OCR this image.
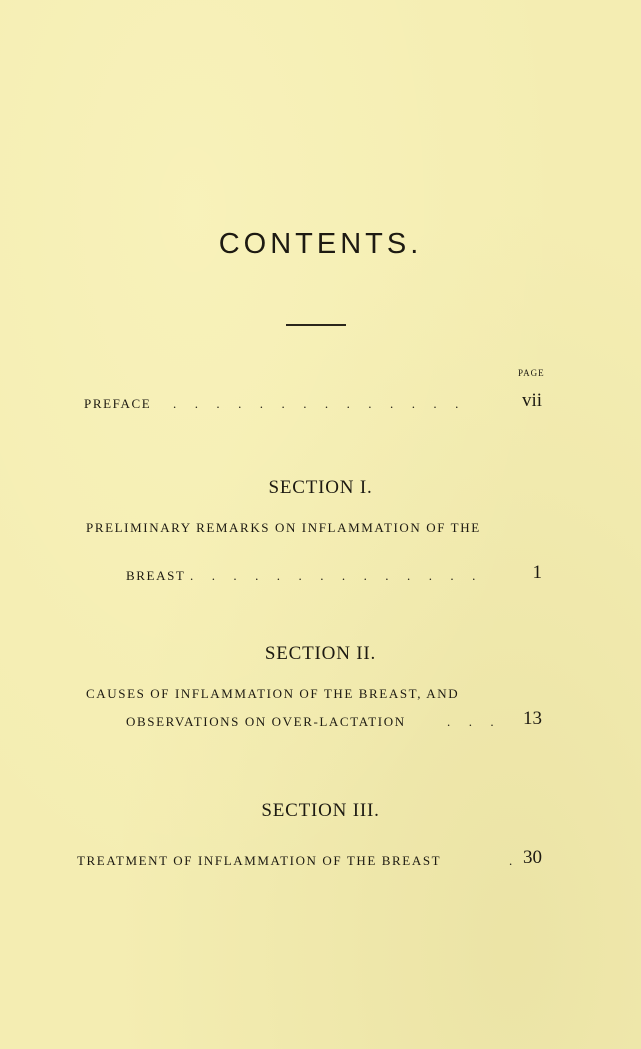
CONTENTS.
PAGE
PREFACE . . . . . . . . . . . . . .	vii
SECTION I.
PRELIMINARY REMARKS ON INFLAMMATION OF THE
BREAST . . . . . . . . . . . . . .	1
SECTION II.
CAUSES OF INFLAMMATION OF THE BREAST, AND
OBSERVATIONS ON OVER-LACTATION	. . .	13
SECTION III.
TREATMENT OF INFLAMMATION OF THE BREAST	. 30
